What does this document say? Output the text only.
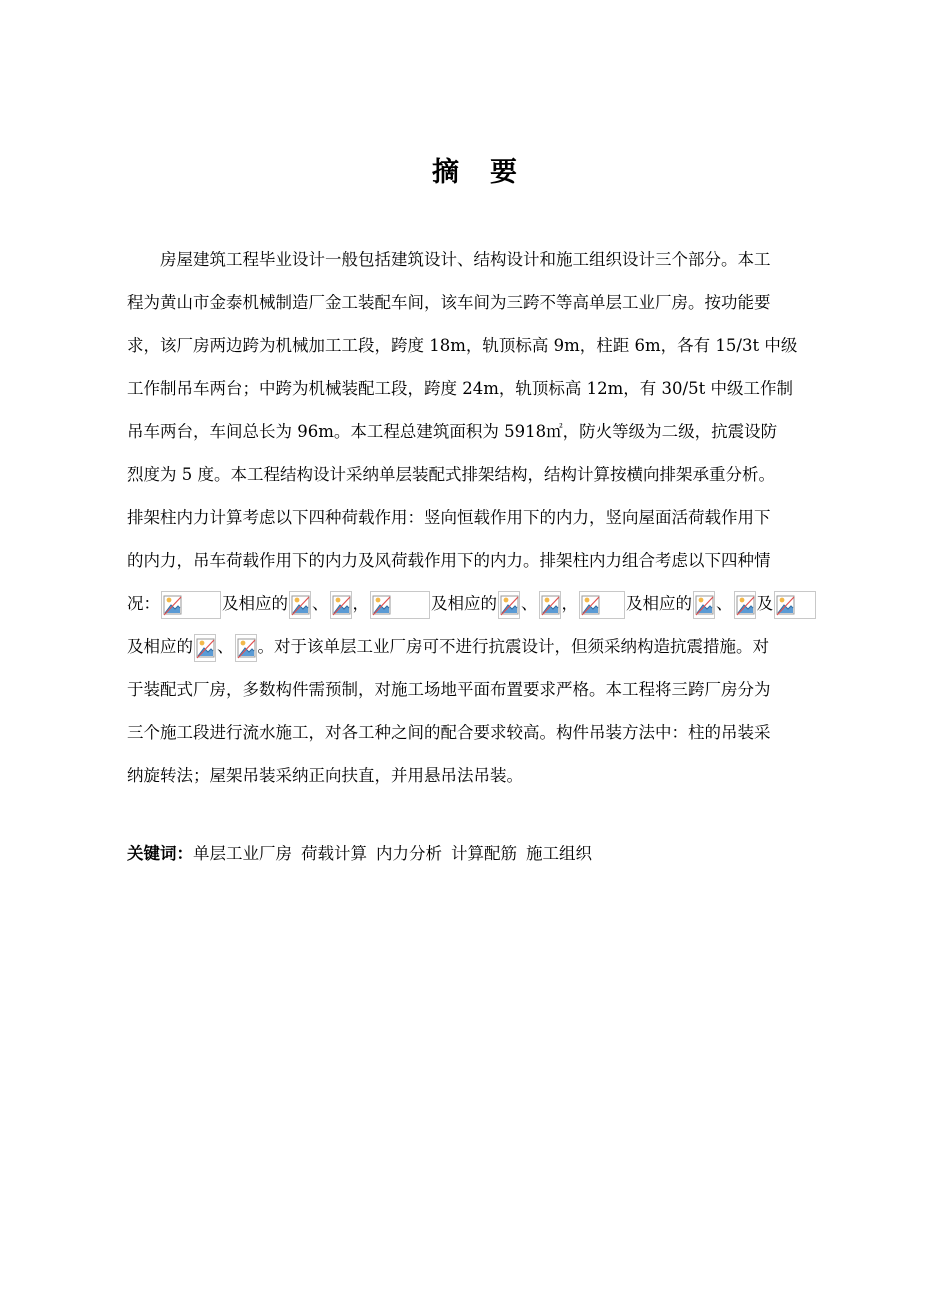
摘 要
房屋建筑工程毕业设计一般包括建筑设计、结构设计和施工组织设计三个部分。本工
程为黄山市金泰机械制造厂金工装配车间，该车间为三跨不等高单层工业厂房。按功能要
求，该厂房两边跨为机械加工工段，跨度 18m，轨顶标高 9m，柱距 6m，各有 15/3t 中级
工作制吊车两台；中跨为机械装配工段，跨度 24m，轨顶标高 12m，有 30/5t 中级工作制
吊车两台，车间总长为 96m。本工程总建筑面积为 5918㎡，防火等级为二级，抗震设防
烈度为 5 度。本工程结构设计采纳单层装配式排架结构，结构计算按横向排架承重分析。
排架柱内力计算考虑以下四种荷载作用：竖向恒载作用下的内力，竖向屋面活荷载作用下
的内力，吊车荷载作用下的内力及风荷载作用下的内力。排架柱内力组合考虑以下四种情
况：	及相应的 、 ，	及相应的 、 ，	及相应的 、 及
及相应的 、 。对于该单层工业厂房可不进行抗震设计，但须采纳构造抗震措施。对
于装配式厂房，多数构件需预制，对施工场地平面布置要求严格。本工程将三跨厂房分为
三个施工段进行流水施工，对各工种之间的配合要求较高。构件吊装方法中：柱的吊装采
纳旋转法；屋架吊装采纳正向扶直，并用悬吊法吊装。
关键词：单层工业厂房 荷载计算 内力分析 计算配筋 施工组织
